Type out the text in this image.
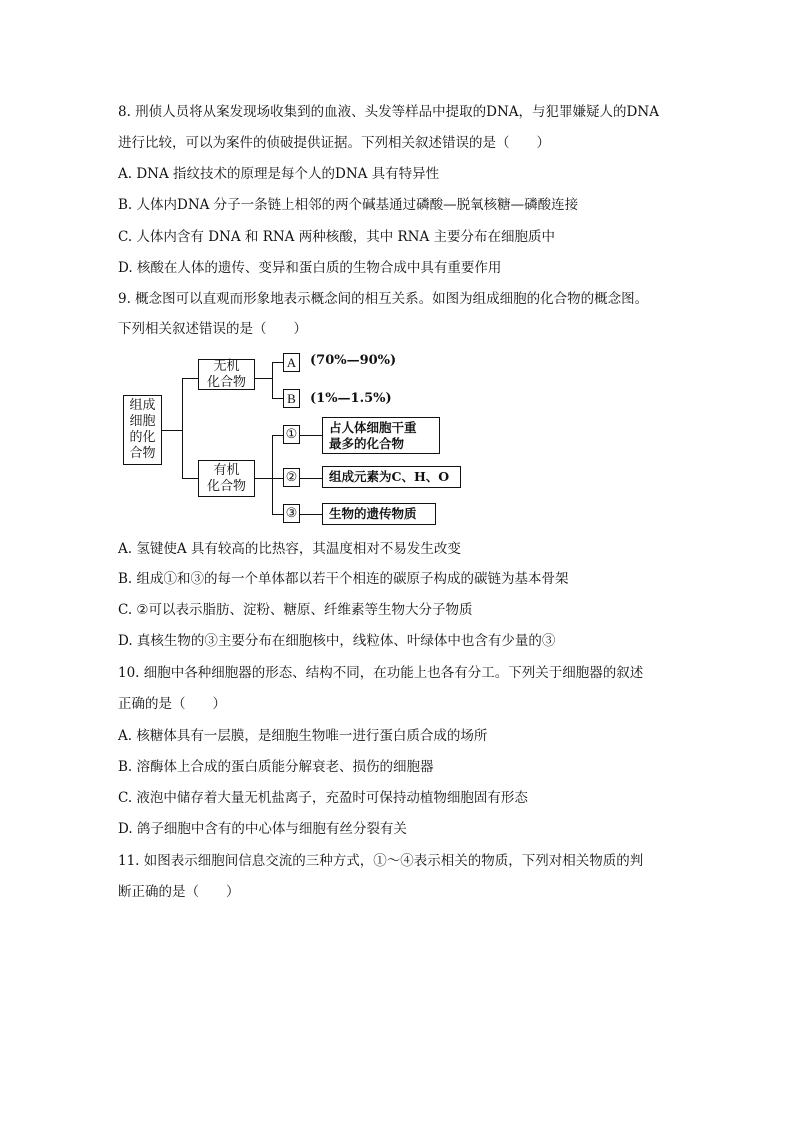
8. 刑侦人员将从案发现场收集到的血液、头发等样品中提取的DNA，与犯罪嫌疑人的DNA
进行比较，可以为案件的侦破提供证据。下列相关叙述错误的是（　　）
A. DNA 指纹技术的原理是每个人的DNA 具有特异性
B. 人体内DNA 分子一条链上相邻的两个碱基通过磷酸—脱氧核糖—磷酸连接
C. 人体内含有 DNA 和 RNA 两种核酸，其中 RNA 主要分布在细胞质中
D. 核酸在人体的遗传、变异和蛋白质的生物合成中具有重要作用
9. 概念图可以直观而形象地表示概念间的相互关系。如图为组成细胞的化合物的概念图。
下列相关叙述错误的是（　　）
组成
细胞
的化
合物
无机
化合物
有机
化合物
A
B
(70%—90%)
(1%—1.5%)
①
②
③
占人体细胞干重
最多的化合物
组成元素为C、H、O
生物的遗传物质
A. 氢键使A 具有较高的比热容，其温度相对不易发生改变
B. 组成①和③的每一个单体都以若干个相连的碳原子构成的碳链为基本骨架
C. ②可以表示脂肪、淀粉、糖原、纤维素等生物大分子物质
D. 真核生物的③主要分布在细胞核中，线粒体、叶绿体中也含有少量的③
10. 细胞中各种细胞器的形态、结构不同，在功能上也各有分工。下列关于细胞器的叙述
正确的是（　　）
A. 核糖体具有一层膜，是细胞生物唯一进行蛋白质合成的场所
B. 溶酶体上合成的蛋白质能分解衰老、损伤的细胞器
C. 液泡中储存着大量无机盐离子，充盈时可保持动植物细胞固有形态
D. 鸽子细胞中含有的中心体与细胞有丝分裂有关
11. 如图表示细胞间信息交流的三种方式，①～④表示相关的物质，下列对相关物质的判
断正确的是（　　）
